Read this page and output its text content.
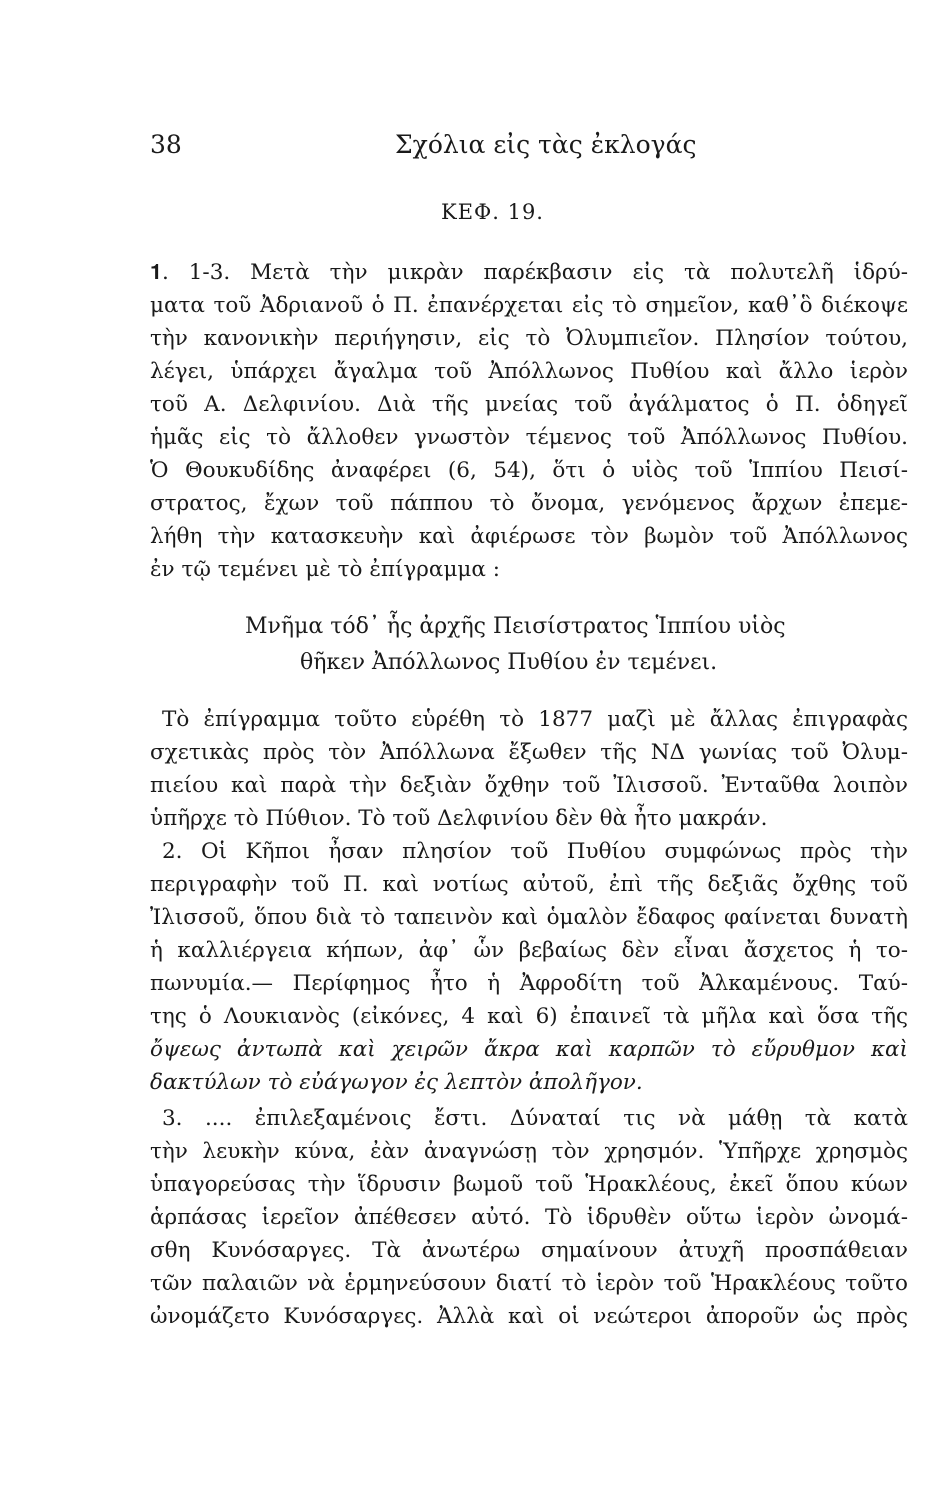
38	Σχόλια εἰς τὰς ἐκλογάς
ΚΕΦ. 19.
𝟏. 1-3. Μετὰ τὴν μικρὰν παρέκβασιν εἰς τὰ πολυτελῆ ἱδρύ-
ματα τοῦ Ἀδριανοῦ ὁ Π. ἐπανέρχεται εἰς τὸ σημεῖον, καθ᾽ὃ διέκοψε
τὴν κανονικὴν περιήγησιν, εἰς τὸ Ὀλυμπιεῖον. Πλησίον τούτου,
λέγει, ὑπάρχει ἄγαλμα τοῦ Ἀπόλλωνος Πυθίου καὶ ἄλλο ἱερὸν
τοῦ Α. Δελφινίου. Διὰ τῆς μνείας τοῦ ἀγάλματος ὁ Π. ὁδηγεῖ
ἡμᾶς εἰς τὸ ἄλλοθεν γνωστὸν τέμενος τοῦ Ἀπόλλωνος Πυθίου.
Ὁ Θουκυδίδης ἀναφέρει (6, 54), ὅτι ὁ υἱὸς τοῦ Ἱππίου Πεισί-
στρατος, ἔχων τοῦ πάππου τὸ ὄνομα, γενόμενος ἄρχων ἐπεμε-
λήθη τὴν κατασκευὴν καὶ ἀφιέρωσε τὸν βωμὸν τοῦ Ἀπόλλωνος
ἐν τῷ τεμένει μὲ τὸ ἐπίγραμμα :
Μνῆμα τόδ᾽ ἧς ἀρχῆς Πεισίστρατος Ἱππίου υἱὸς
θῆκεν Ἀπόλλωνος Πυθίου ἐν τεμένει.
Τὸ ἐπίγραμμα τοῦτο εὑρέθη τὸ 1877 μαζὶ μὲ ἄλλας ἐπιγραφὰς
σχετικὰς πρὸς τὸν Ἀπόλλωνα ἔξωθεν τῆς ΝΔ γωνίας τοῦ Ὀλυμ-
πιείου καὶ παρὰ τὴν δεξιὰν ὄχθην τοῦ Ἰλισσοῦ. Ἐνταῦθα λοιπὸν
ὑπῆρχε τὸ Πύθιον. Τὸ τοῦ Δελφινίου δὲν θὰ ἦτο μακράν.
2. Οἱ Κῆποι ἦσαν πλησίον τοῦ Πυθίου συμφώνως πρὸς τὴν
περιγραφὴν τοῦ Π. καὶ νοτίως αὐτοῦ, ἐπὶ τῆς δεξιᾶς ὄχθης τοῦ
Ἰλισσοῦ, ὅπου διὰ τὸ ταπεινὸν καὶ ὁμαλὸν ἔδαφος φαίνεται δυνατὴ
ἡ καλλιέργεια κήπων, ἀφ᾽ ὧν βεβαίως δὲν εἶναι ἄσχετος ἡ το-
πωνυμία.— Περίφημος ἦτο ἡ Ἀφροδίτη τοῦ Ἀλκαμένους. Ταύ-
της ὁ Λουκιανὸς (εἰκόνες, 4 καὶ 6) ἐπαινεῖ τὰ μῆλα καὶ ὅσα τῆς
ὄψεως ἀντωπὰ καὶ χειρῶν ἄκρα καὶ καρπῶν τὸ εὔρυθμον καὶ
δακτύλων τὸ εὐάγωγον ἐς λεπτὸν ἀπολῆγον.
3. .... ἐπιλεξαμένοις ἔστι. Δύναταί τις νὰ μάθῃ τὰ κατὰ
τὴν λευκὴν κύνα, ἐὰν ἀναγνώσῃ τὸν χρησμόν. Ὑπῆρχε χρησμὸς
ὑπαγορεύσας τὴν ἵδρυσιν βωμοῦ τοῦ Ἡρακλέους, ἐκεῖ ὅπου κύων
ἁρπάσας ἱερεῖον ἀπέθεσεν αὐτό. Τὸ ἱδρυθὲν οὕτω ἱερὸν ὠνομά-
σθη Κυνόσαργες. Τὰ ἀνωτέρω σημαίνουν ἀτυχῆ προσπάθειαν
τῶν παλαιῶν νὰ ἑρμηνεύσουν διατί τὸ ἱερὸν τοῦ Ἡρακλέους τοῦτο
ὠνομάζετο Κυνόσαργες. Ἀλλὰ καὶ οἱ νεώτεροι ἀποροῦν ὡς πρὸς
